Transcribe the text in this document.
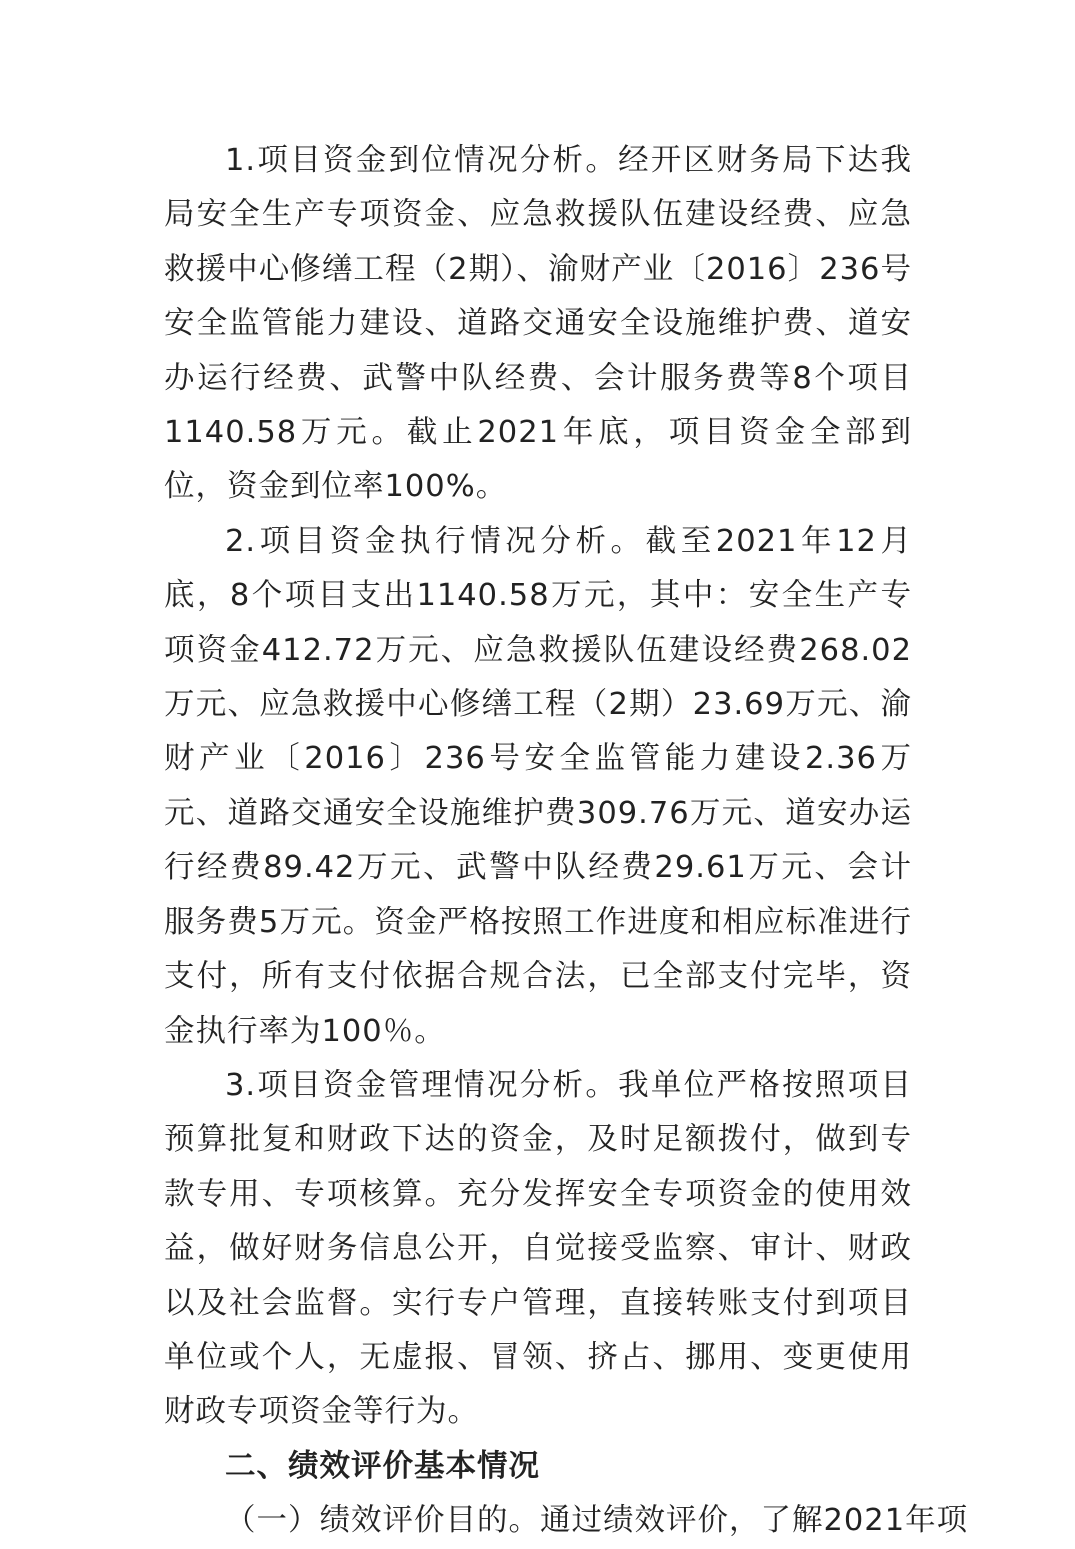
1.项目资金到位情况分析。经开区财务局下达我局安全生产专项资金、应急救援队伍建设经费、应急救援中心修缮工程（2期）、渝财产业〔2016〕236号安全监管能力建设、道路交通安全设施维护费、道安办运行经费、武警中队经费、会计服务费等8个项目1140.58万元。截止2021年底，项目资金全部到位，资金到位率100%。

2.项目资金执行情况分析。截至2021年12月底，8个项目支出1140.58万元，其中：安全生产专项资金412.72万元、应急救援队伍建设经费268.02万元、应急救援中心修缮工程（2期）23.69万元、渝财产业〔2016〕236号安全监管能力建设2.36万元、道路交通安全设施维护费309.76万元、道安办运行经费89.42万元、武警中队经费29.61万元、会计服务费5万元。资金严格按照工作进度和相应标准进行支付，所有支付依据合规合法，已全部支付完毕，资金执行率为100％。

3.项目资金管理情况分析。我单位严格按照项目预算批复和财政下达的资金，及时足额拨付，做到专款专用、专项核算。充分发挥安全专项资金的使用效益，做好财务信息公开，自觉接受监察、审计、财政以及社会监督。实行专户管理，直接转账支付到项目单位或个人，无虚报、冒领、挤占、挪用、变更使用财政专项资金等行为。

二、绩效评价基本情况

（一）绩效评价目的。通过绩效评价，了解2021年项
